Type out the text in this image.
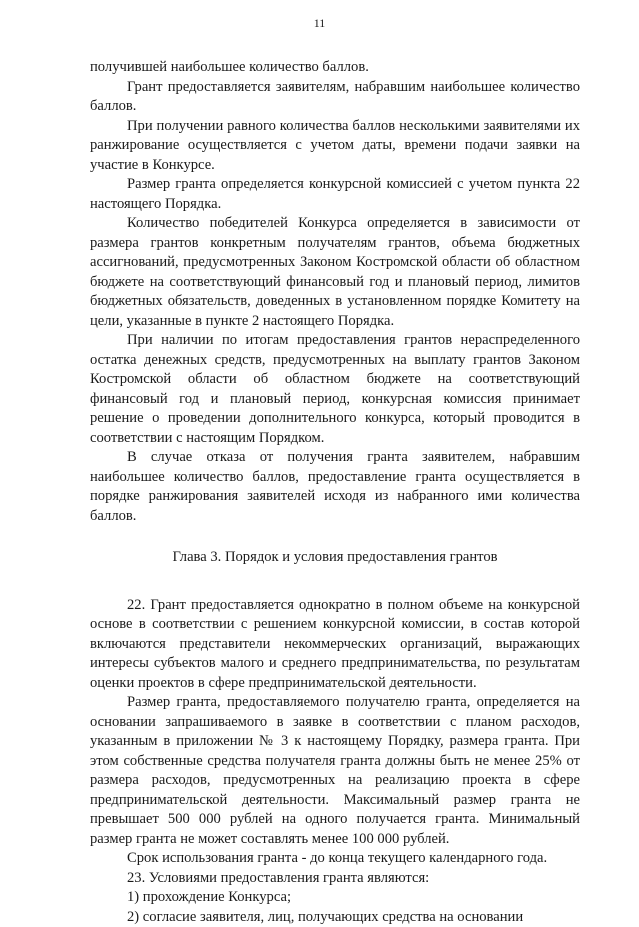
11

получившей наибольшее количество баллов.

Грант предоставляется заявителям, набравшим наибольшее количество баллов.

При получении равного количества баллов несколькими заявителями их ранжирование осуществляется с учетом даты, времени подачи заявки на участие в Конкурсе.

Размер гранта определяется конкурсной комиссией с учетом пункта 22 настоящего Порядка.

Количество победителей Конкурса определяется в зависимости от размера грантов конкретным получателям грантов, объема бюджетных ассигнований, предусмотренных Законом Костромской области об областном бюджете на соответствующий финансовый год и плановый период, лимитов бюджетных обязательств, доведенных в установленном порядке Комитету на цели, указанные в пункте 2 настоящего Порядка.

При наличии по итогам предоставления грантов нераспределенного остатка денежных средств, предусмотренных на выплату грантов Законом Костромской области об областном бюджете на соответствующий финансовый год и плановый период, конкурсная комиссия принимает решение о проведении дополнительного конкурса, который проводится в соответствии с настоящим Порядком.

В случае отказа от получения гранта заявителем, набравшим наибольшее количество баллов, предоставление гранта осуществляется в порядке ранжирования заявителей исходя из набранного ими количества баллов.

Глава 3. Порядок и условия предоставления грантов

22. Грант предоставляется однократно в полном объеме на конкурсной основе в соответствии с решением конкурсной комиссии, в состав которой включаются представители некоммерческих организаций, выражающих интересы субъектов малого и среднего предпринимательства, по результатам оценки проектов в сфере предпринимательской деятельности.

Размер гранта, предоставляемого получателю гранта, определяется на основании запрашиваемого в заявке в соответствии с планом расходов, указанным в приложении № 3 к настоящему Порядку, размера гранта. При этом собственные средства получателя гранта должны быть не менее 25% от размера расходов, предусмотренных на реализацию проекта в сфере предпринимательской деятельности. Максимальный размер гранта не превышает 500 000 рублей на одного получается гранта. Минимальный размер гранта не может составлять менее 100 000 рублей.

Срок использования гранта - до конца текущего календарного года.

23. Условиями предоставления гранта являются:

1) прохождение Конкурса;

2) согласие заявителя, лиц, получающих средства на основании
